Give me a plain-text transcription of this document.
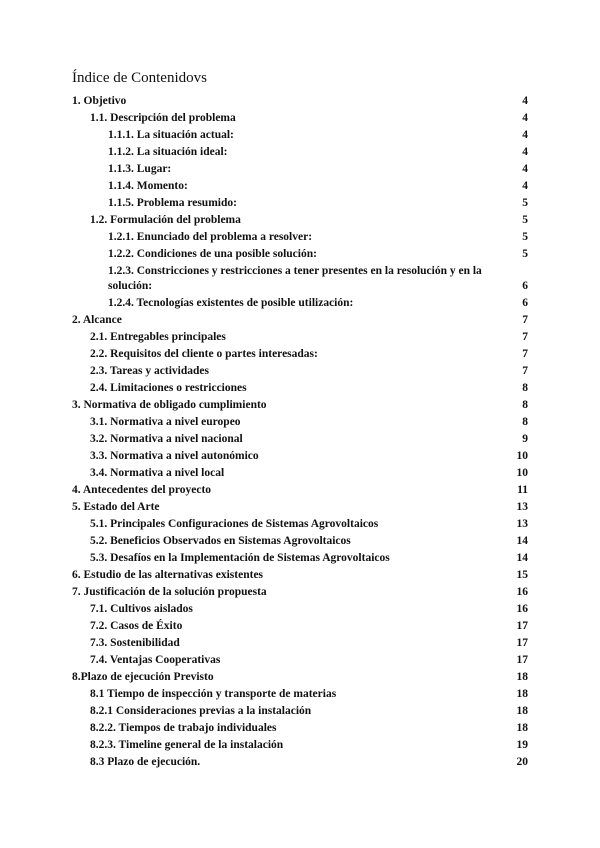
Índice de Contenidovs
1. Objetivo	4
1.1. Descripción del problema	4
1.1.1. La situación actual:	4
1.1.2. La situación ideal:	4
1.1.3. Lugar:	4
1.1.4. Momento:	4
1.1.5. Problema resumido:	5
1.2. Formulación del problema	5
1.2.1. Enunciado del problema a resolver:	5
1.2.2. Condiciones de una posible solución:	5
1.2.3. Constricciones y restricciones a tener presentes en la resolución y en la solución:	6
1.2.4. Tecnologías existentes de posible utilización:	6
2. Alcance	7
2.1. Entregables principales	7
2.2. Requisitos del cliente o partes interesadas:	7
2.3. Tareas y actividades	7
2.4. Limitaciones o restricciones	8
3. Normativa de obligado cumplimiento	8
3.1. Normativa a nivel europeo	8
3.2. Normativa a nivel nacional	9
3.3. Normativa a nivel autonómico	10
3.4. Normativa a nivel local	10
4. Antecedentes del proyecto	11
5. Estado del Arte	13
5.1. Principales Configuraciones de Sistemas Agrovoltaicos	13
5.2. Beneficios Observados en Sistemas Agrovoltaicos	14
5.3. Desafíos en la Implementación de Sistemas Agrovoltaicos	14
6. Estudio de las alternativas existentes	15
7. Justificación de la solución propuesta	16
7.1. Cultivos aislados	16
7.2. Casos de Éxito	17
7.3. Sostenibilidad	17
7.4. Ventajas Cooperativas	17
8.Plazo de ejecución Previsto	18
8.1 Tiempo de inspección y transporte de materias	18
8.2.1 Consideraciones previas a la instalación	18
8.2.2. Tiempos de trabajo individuales	18
8.2.3. Timeline general de la instalación	19
8.3 Plazo de ejecución.	20
